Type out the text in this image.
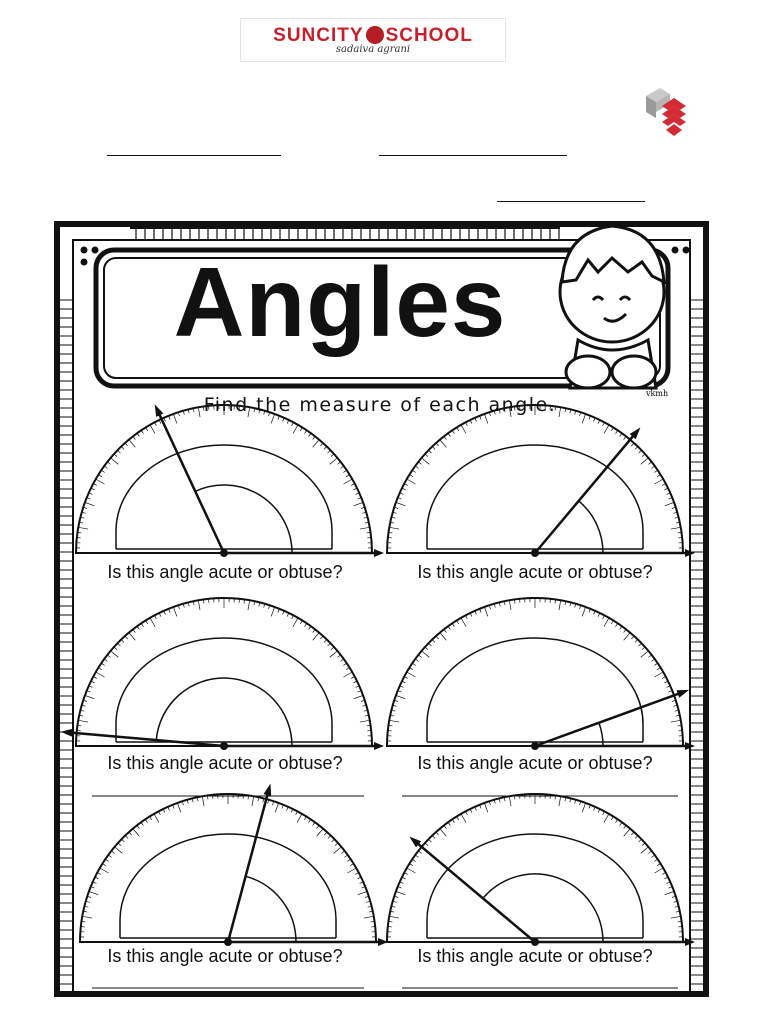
SUNCITY SCHOOL
sadaiva agrani
Angles
Find the measure of each angle.
vkmh
Is this angle acute or obtuse?	Is this angle acute or obtuse?
Is this angle acute or obtuse?	Is this angle acute or obtuse?
Is this angle acute or obtuse?	Is this angle acute or obtuse?
